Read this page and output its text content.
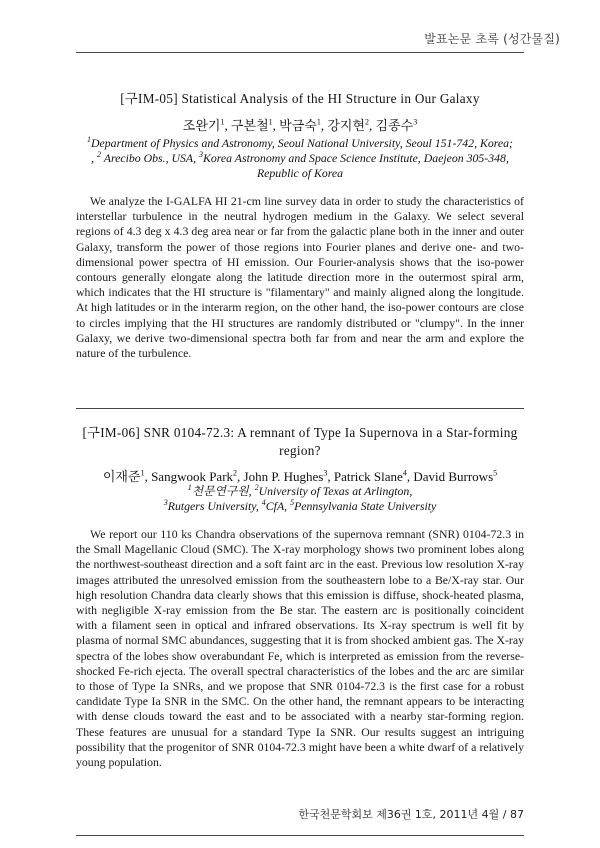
발표논문 초록 (성간물질)
[구IM-05] Statistical Analysis of the HI Structure in Our Galaxy
조완기$^1$, 구본철$^1$, 박금숙$^1$, 강지현$^2$, 김종수$^3$
$^1$Department of Physics and Astronomy, Seoul National University, Seoul 151-742, Korea;
, $^2$ Arecibo Obs., USA, $^3$Korea Astronomy and Space Science Institute, Daejeon 305-348, Republic of Korea

We analyze the I-GALFA HI 21-cm line survey data in order to study the characteristics of interstellar turbulence in the neutral hydrogen medium in the Galaxy. We select several regions of 4.3 deg x 4.3 deg area near or far from the galactic plane both in the inner and outer Galaxy, transform the power of those regions into Fourier planes and derive one- and two-dimensional power spectra of HI emission. Our Fourier-analysis shows that the iso-power contours generally elongate along the latitude direction more in the outermost spiral arm, which indicates that the HI structure is "filamentary" and mainly aligned along the longitude. At high latitudes or in the interarm region, on the other hand, the iso-power contours are close to circles implying that the HI structures are randomly distributed or "clumpy". In the inner Galaxy, we derive two-dimensional spectra both far from and near the arm and explore the nature of the turbulence.

[구IM-06] SNR 0104-72.3: A remnant of Type Ia Supernova in a Star-forming region?
이재준$^1$, Sangwook Park$^2$, John P. Hughes$^3$, Patrick Slane$^4$, David Burrows$^5$
$^1$천문연구원, $^2$University of Texas at Arlington,
$^3$Rutgers University, $^4$CfA, $^5$Pennsylvania State University

We report our 110 ks Chandra observations of the supernova remnant (SNR) 0104-72.3 in the Small Magellanic Cloud (SMC). The X-ray morphology shows two prominent lobes along the northwest-southeast direction and a soft faint arc in the east. Previous low resolution X-ray images attributed the unresolved emission from the southeastern lobe to a Be/X-ray star. Our high resolution Chandra data clearly shows that this emission is diffuse, shock-heated plasma, with negligible X-ray emission from the Be star. The eastern arc is positionally coincident with a filament seen in optical and infrared observations. Its X-ray spectrum is well fit by plasma of normal SMC abundances, suggesting that it is from shocked ambient gas. The X-ray spectra of the lobes show overabundant Fe, which is interpreted as emission from the reverse-shocked Fe-rich ejecta. The overall spectral characteristics of the lobes and the arc are similar to those of Type Ia SNRs, and we propose that SNR 0104-72.3 is the first case for a robust candidate Type Ia SNR in the SMC. On the other hand, the remnant appears to be interacting with dense clouds toward the east and to be associated with a nearby star-forming region. These features are unusual for a standard Type Ia SNR. Our results suggest an intriguing possibility that the progenitor of SNR 0104-72.3 might have been a white dwarf of a relatively young population.

한국천문학회보 제36권 1호, 2011년 4월 / 87
